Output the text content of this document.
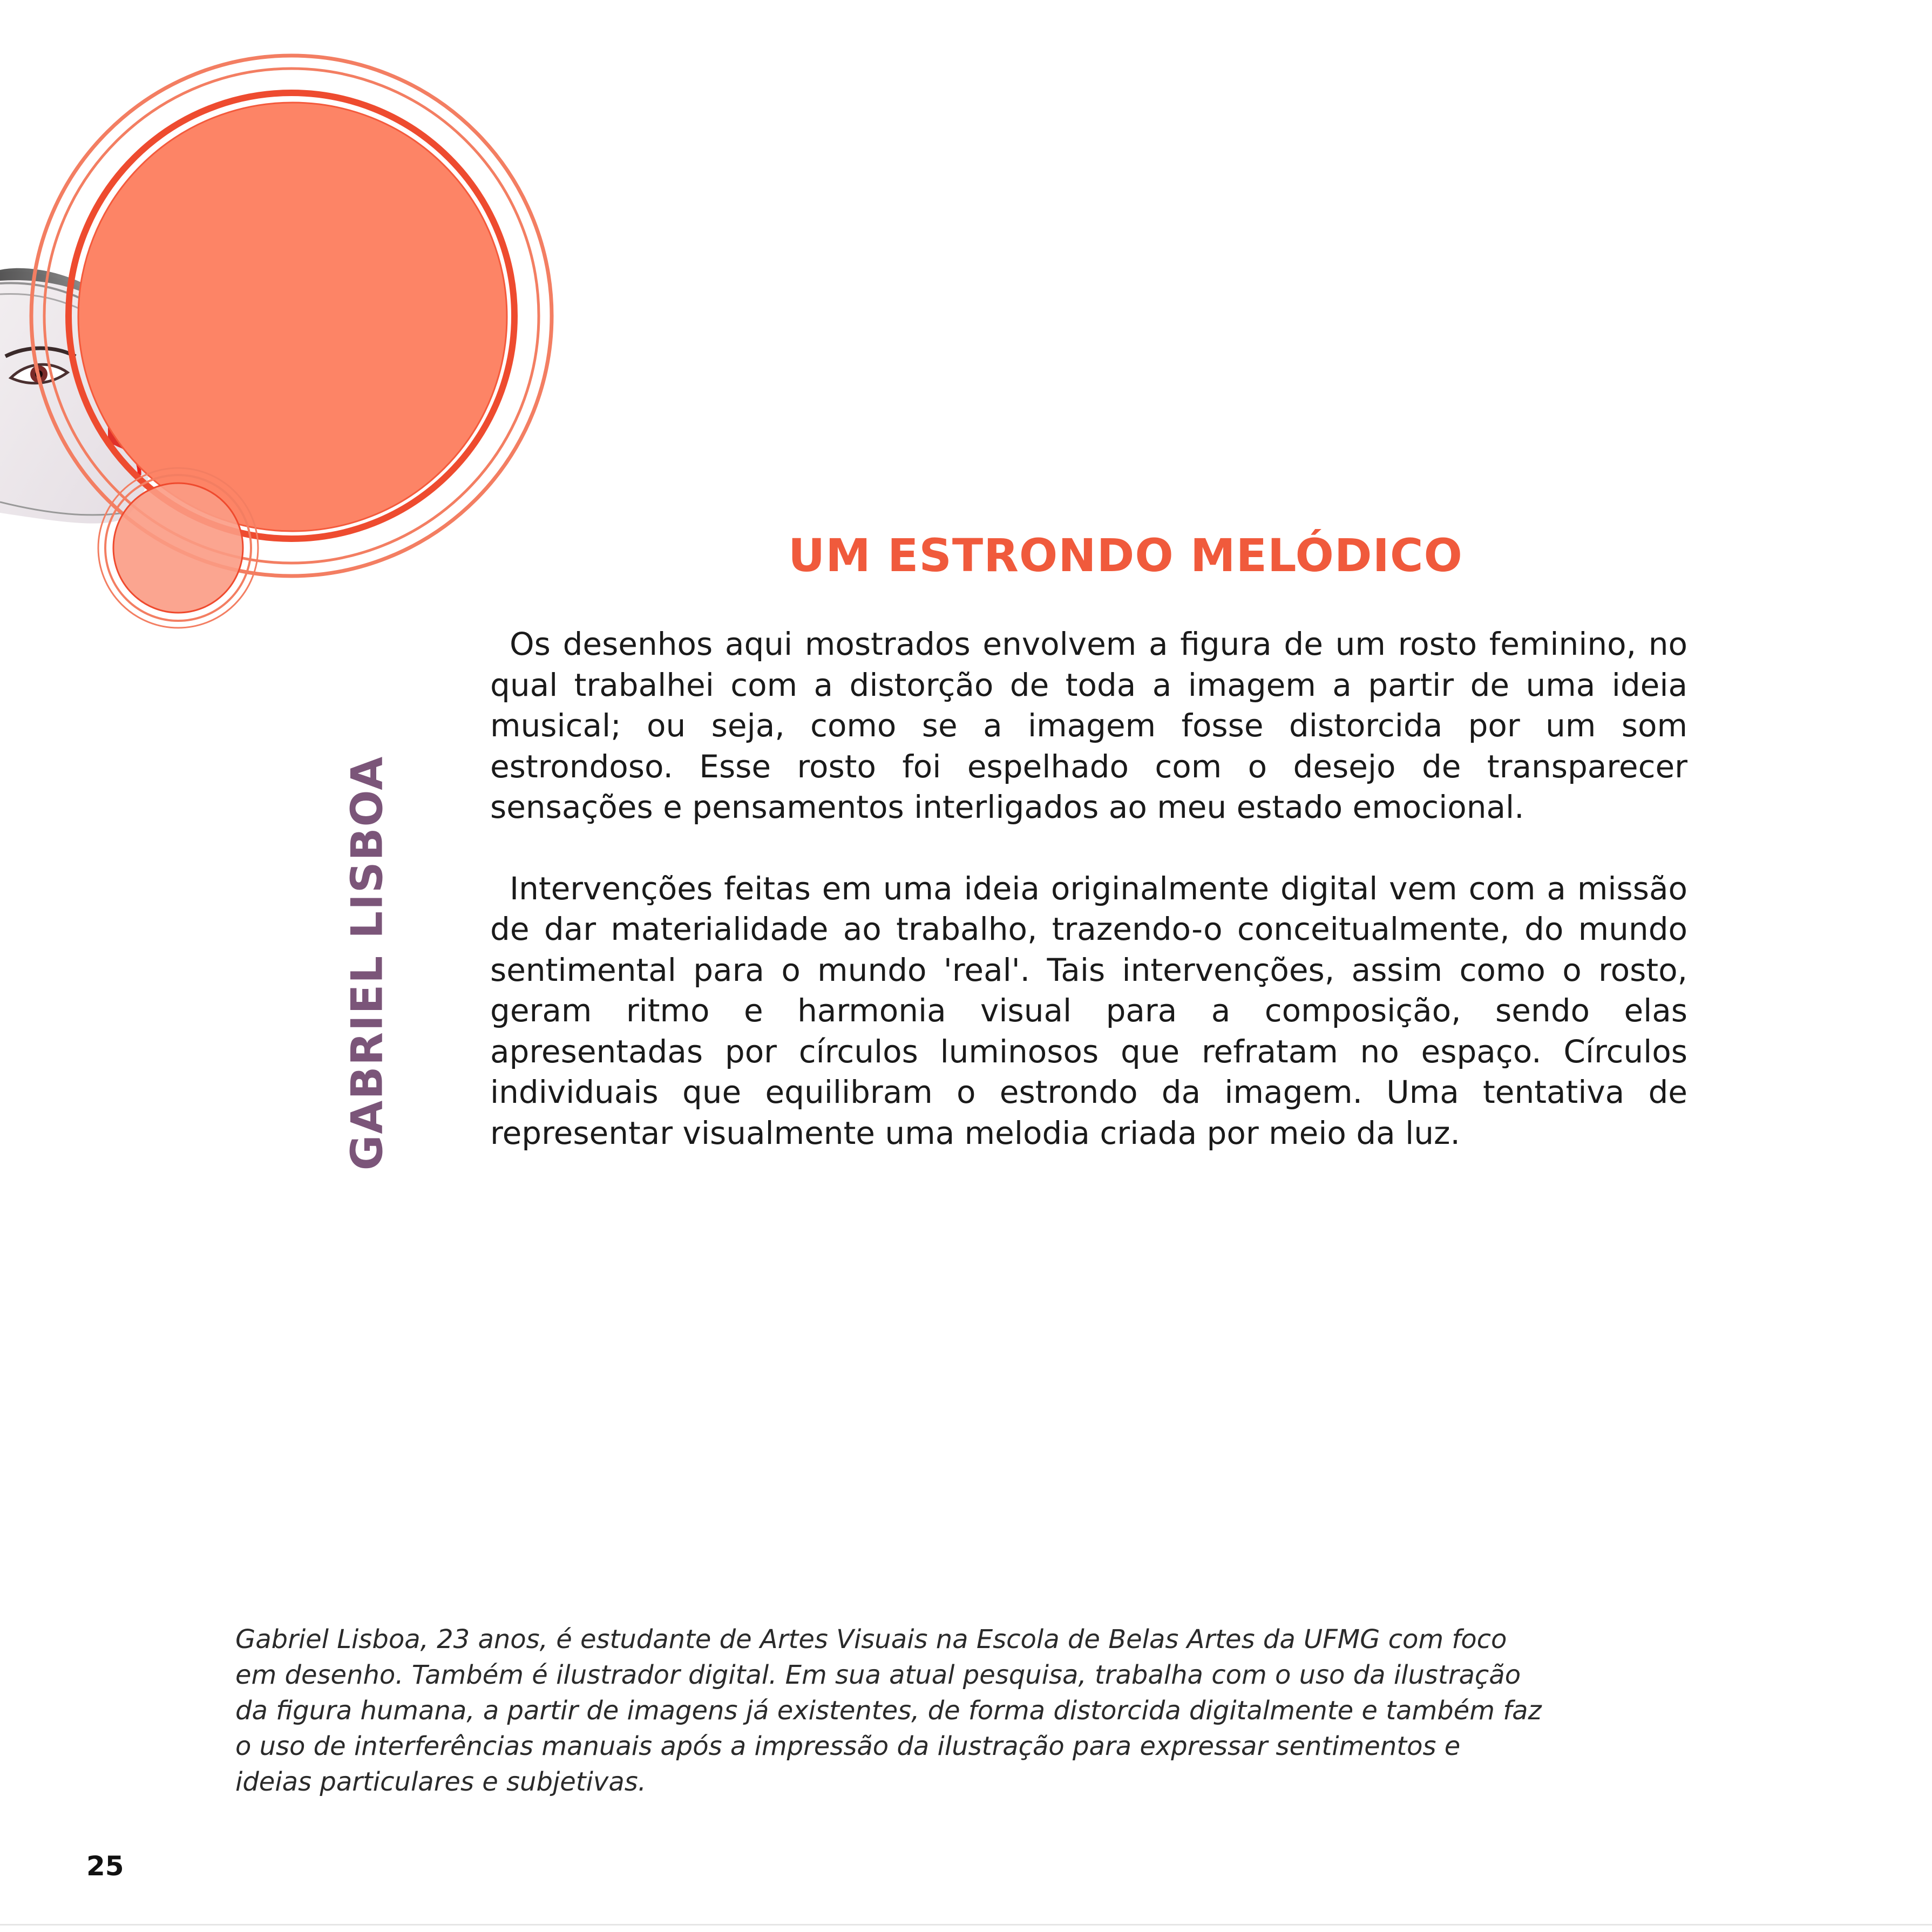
UM ESTRONDO MELÓDICO
GABRIEL LISBOA

Os desenhos aqui mostrados envolvem a figura de um rosto feminino, no qual trabalhei com a distorção de toda a imagem a partir de uma ideia musical; ou seja, como se a imagem fosse distorcida por um som estrondoso. Esse rosto foi espelhado com o desejo de transparecer sensações e pensamentos interligados ao meu estado emocional.

Intervenções feitas em uma ideia originalmente digital vem com a missão de dar materialidade ao trabalho, trazendo-o conceitualmente, do mundo sentimental para o mundo 'real'. Tais intervenções, assim como o rosto, geram ritmo e harmonia visual para a composição, sendo elas apresentadas por círculos luminosos que refratam no espaço. Círculos individuais que equilibram o estrondo da imagem. Uma tentativa de representar visualmente uma melodia criada por meio da luz.

Gabriel Lisboa, 23 anos, é estudante de Artes Visuais na Escola de Belas Artes da UFMG com foco em desenho. Também é ilustrador digital. Em sua atual pesquisa, trabalha com o uso da ilustração da figura humana, a partir de imagens já existentes, de forma distorcida digitalmente e também faz o uso de interferências manuais após a impressão da ilustração para expressar sentimentos e ideias particulares e subjetivas.

25
